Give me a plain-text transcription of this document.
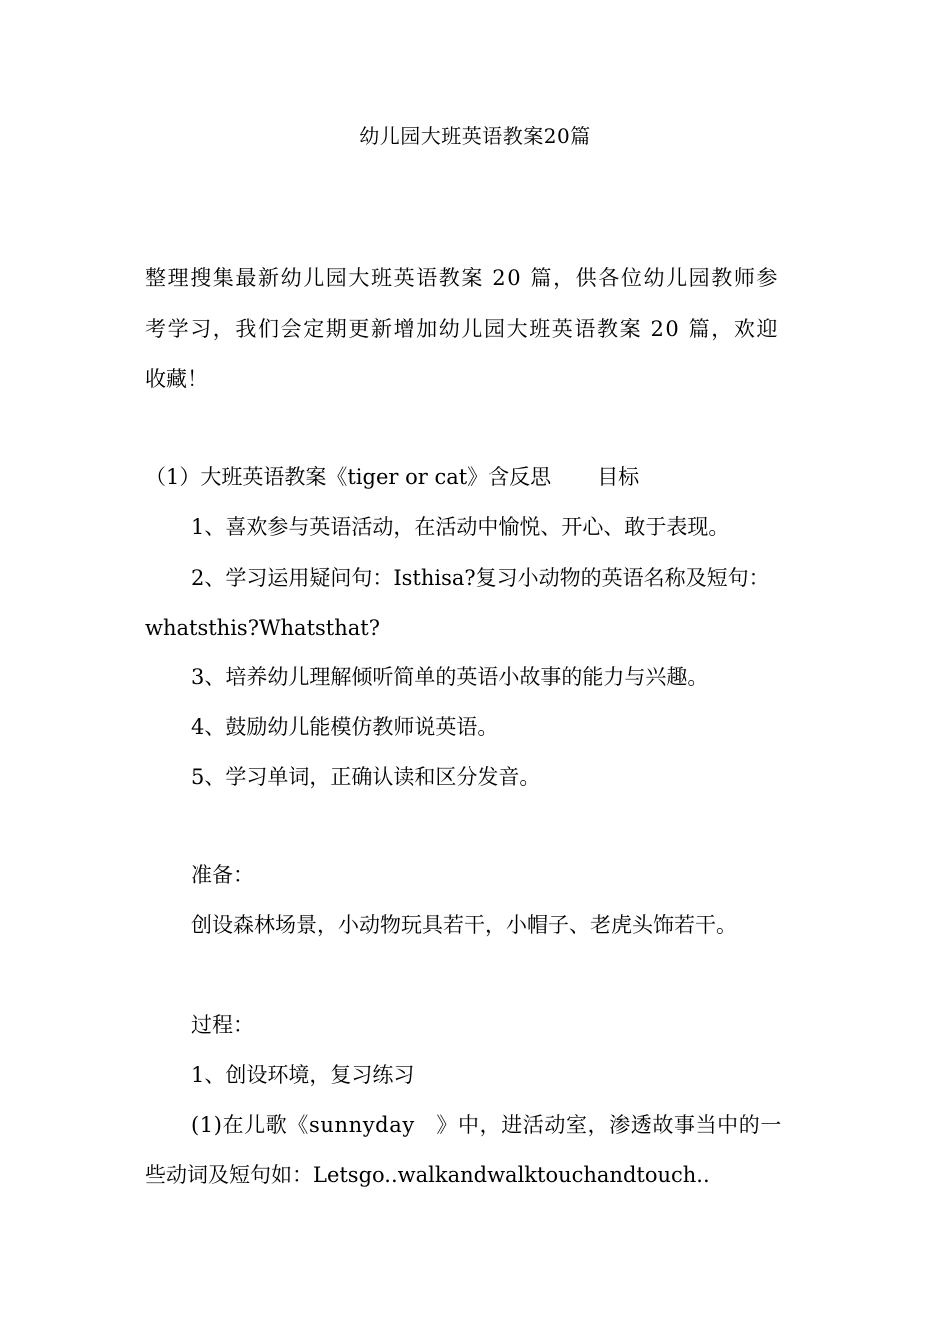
幼儿园大班英语教案20篇
整理搜集最新幼儿园大班英语教案 20 篇，供各位幼儿园教师参
考学习，我们会定期更新增加幼儿园大班英语教案 20 篇，欢迎
收藏！
（1）大班英语教案《tiger or cat》含反思 目标
1、喜欢参与英语活动，在活动中愉悦、开心、敢于表现。
2、学习运用疑问句：Isthisa?复习小动物的英语名称及短句：
whatsthis?Whatsthat?
3、培养幼儿理解倾听简单的英语小故事的能力与兴趣。
4、鼓励幼儿能模仿教师说英语。
5、学习单词，正确认读和区分发音。
准备：
创设森林场景，小动物玩具若干，小帽子、老虎头饰若干。
过程：
1、创设环境，复习练习
(1)在儿歌《sunnyday　》中，进活动室，渗透故事当中的一
些动词及短句如：Letsgo..walkandwalktouchandtouch..
